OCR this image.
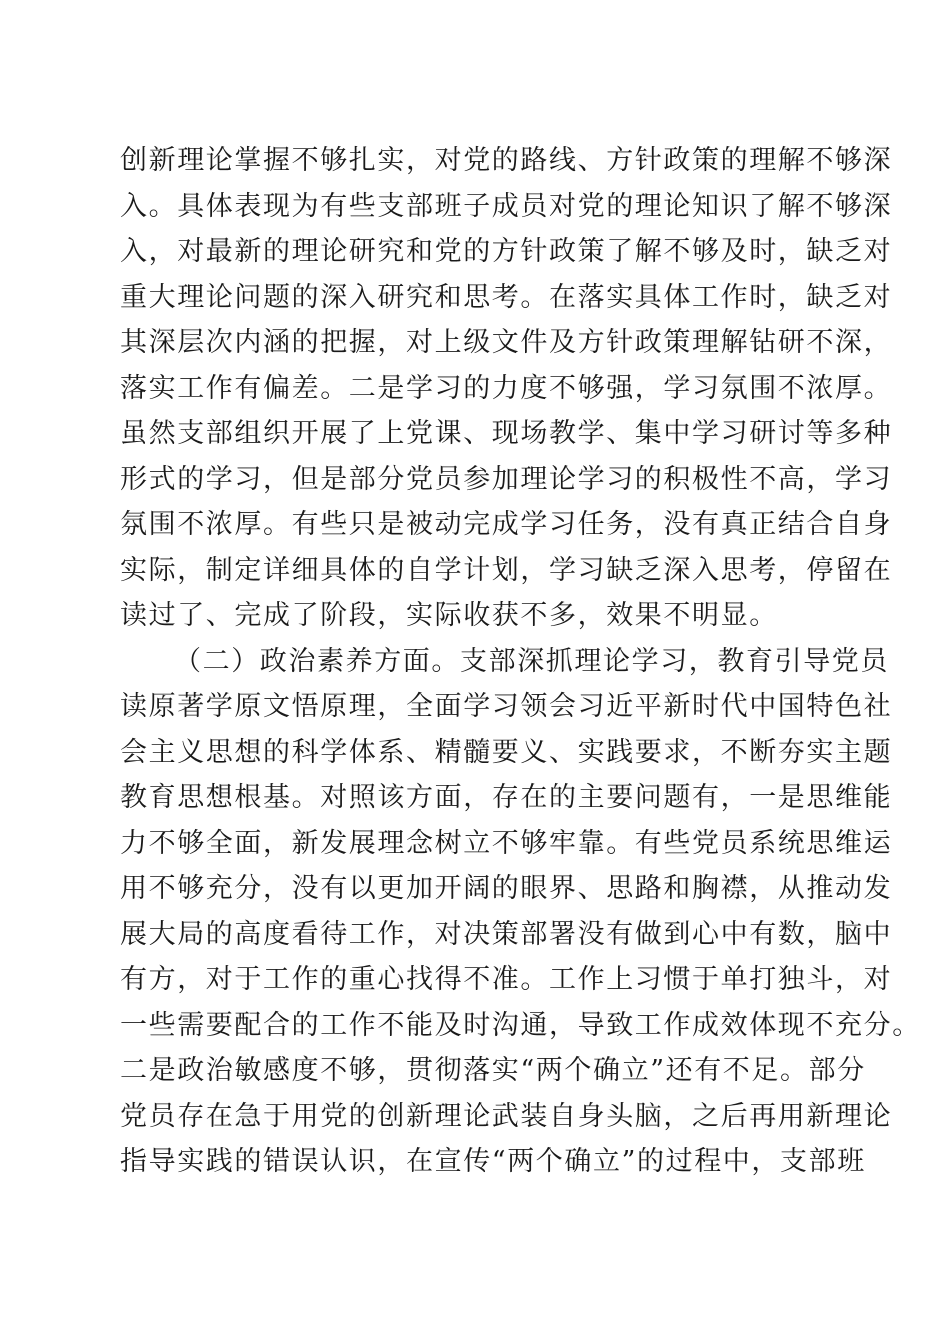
创新理论掌握不够扎实，对党的路线、方针政策的理解不够深
入。具体表现为有些支部班子成员对党的理论知识了解不够深
入，对最新的理论研究和党的方针政策了解不够及时，缺乏对
重大理论问题的深入研究和思考。在落实具体工作时，缺乏对
其深层次内涵的把握，对上级文件及方针政策理解钻研不深，
落实工作有偏差。二是学习的力度不够强，学习氛围不浓厚。
虽然支部组织开展了上党课、现场教学、集中学习研讨等多种
形式的学习，但是部分党员参加理论学习的积极性不高，学习
氛围不浓厚。有些只是被动完成学习任务，没有真正结合自身
实际，制定详细具体的自学计划，学习缺乏深入思考，停留在
读过了、完成了阶段，实际收获不多，效果不明显。
（二）政治素养方面。支部深抓理论学习，教育引导党员
读原著学原文悟原理，全面学习领会习近平新时代中国特色社
会主义思想的科学体系、精髓要义、实践要求，不断夯实主题
教育思想根基。对照该方面，存在的主要问题有，一是思维能
力不够全面，新发展理念树立不够牢靠。有些党员系统思维运
用不够充分，没有以更加开阔的眼界、思路和胸襟，从推动发
展大局的高度看待工作，对决策部署没有做到心中有数，脑中
有方，对于工作的重心找得不准。工作上习惯于单打独斗，对
一些需要配合的工作不能及时沟通，导致工作成效体现不充分。
二是政治敏感度不够，贯彻落实“两个确立”还有不足。部分
党员存在急于用党的创新理论武装自身头脑，之后再用新理论
指导实践的错误认识，在宣传“两个确立”的过程中，支部班
